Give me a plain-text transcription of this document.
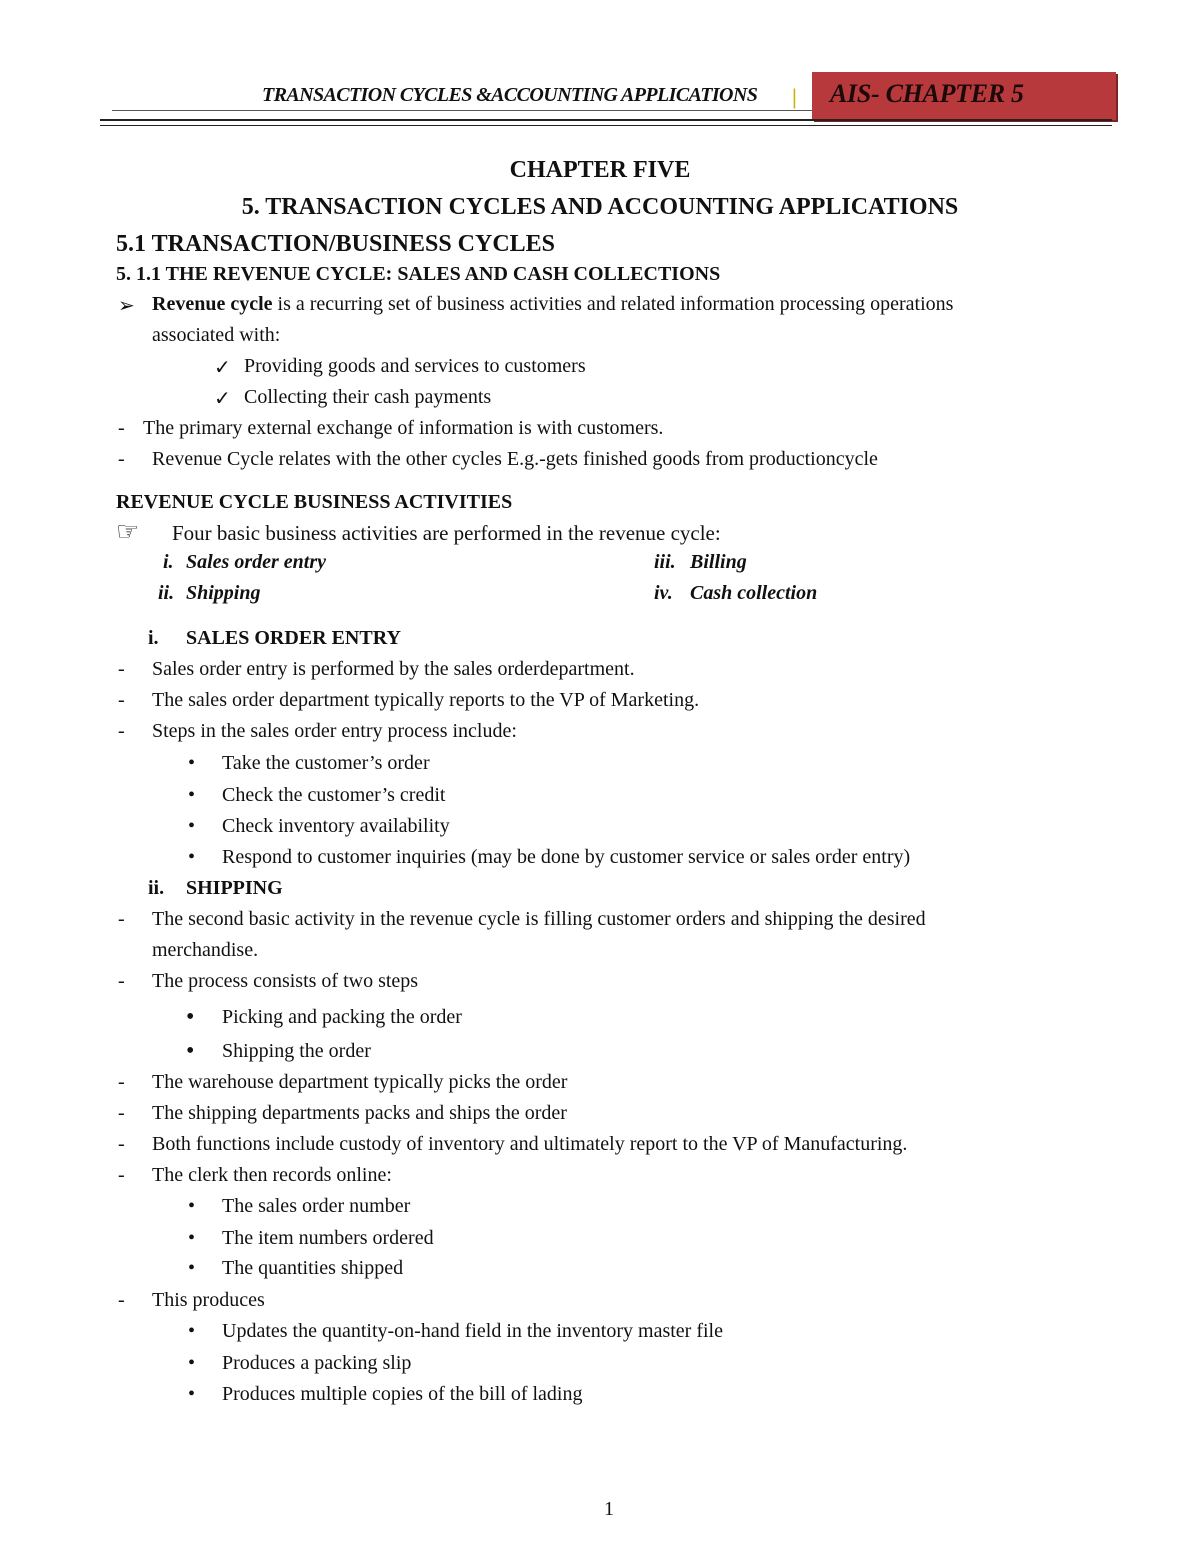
TRANSACTION CYCLES &ACCOUNTING APPLICATIONS | AIS- CHAPTER 5
CHAPTER FIVE
5. TRANSACTION CYCLES AND ACCOUNTING APPLICATIONS
5.1 TRANSACTION/BUSINESS CYCLES
5. 1.1 THE REVENUE CYCLE: SALES AND CASH COLLECTIONS
➢ Revenue cycle is a recurring set of business activities and related information processing operations
associated with:
✓ Providing goods and services to customers
✓ Collecting their cash payments
- The primary external exchange of information is with customers.
- Revenue Cycle relates with the other cycles E.g.-gets finished goods from productioncycle
REVENUE CYCLE BUSINESS ACTIVITIES
☞ Four basic business activities are performed in the revenue cycle:
i. Sales order entry	iii. Billing
ii. Shipping	iv. Cash collection
i. SALES ORDER ENTRY
- Sales order entry is performed by the sales orderdepartment.
- The sales order department typically reports to the VP of Marketing.
- Steps in the sales order entry process include:
• Take the customer’s order
• Check the customer’s credit
• Check inventory availability
• Respond to customer inquiries (may be done by customer service or sales order entry)
ii. SHIPPING
- The second basic activity in the revenue cycle is filling customer orders and shipping the desired
merchandise.
- The process consists of two steps
• Picking and packing the order
• Shipping the order
- The warehouse department typically picks the order
- The shipping departments packs and ships the order
- Both functions include custody of inventory and ultimately report to the VP of Manufacturing.
- The clerk then records online:
• The sales order number
• The item numbers ordered
• The quantities shipped
- This produces
• Updates the quantity-on-hand field in the inventory master file
• Produces a packing slip
• Produces multiple copies of the bill of lading
1
